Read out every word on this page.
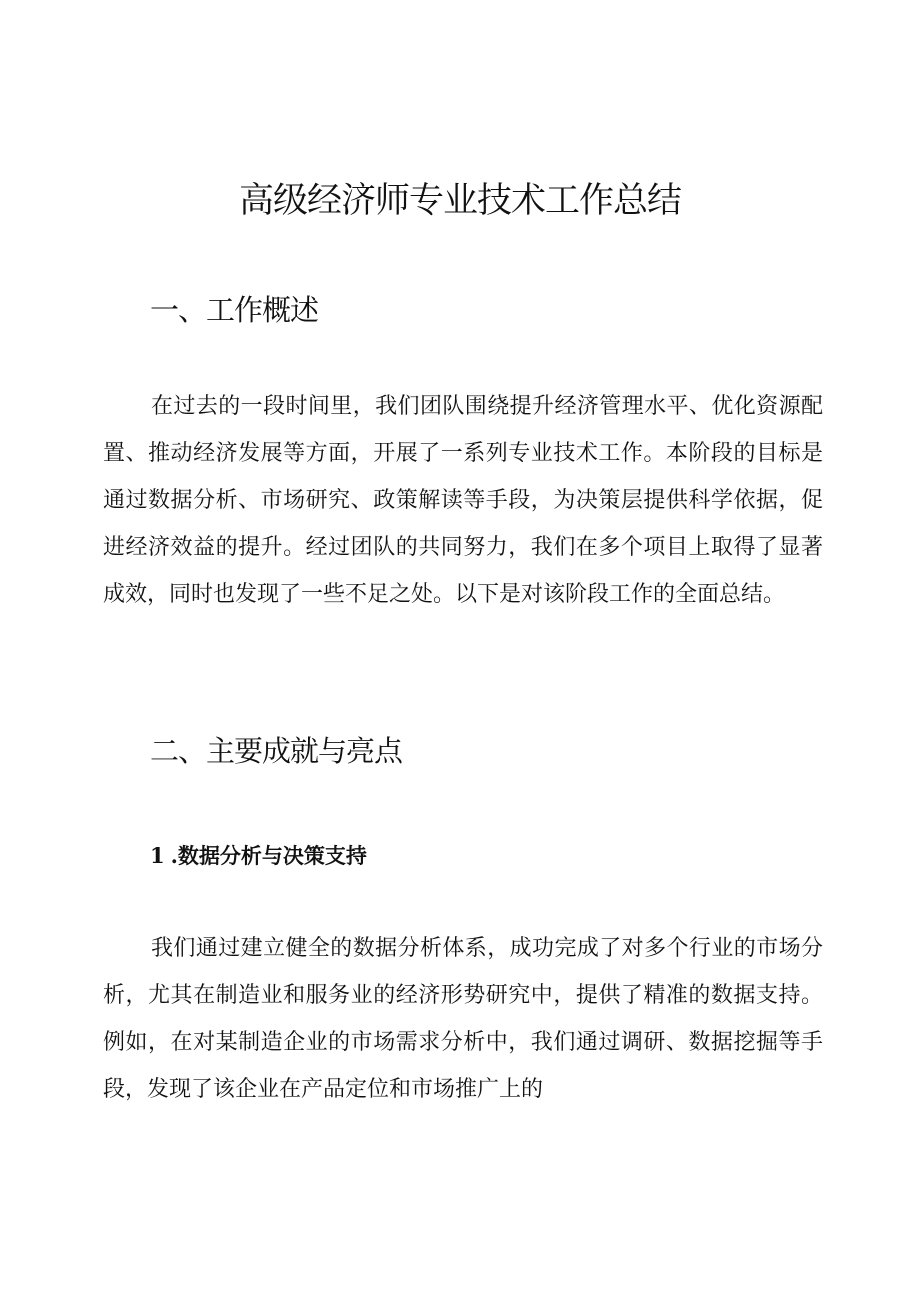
高级经济师专业技术工作总结
一、工作概述

在过去的一段时间里，我们团队围绕提升经济管理水平、优化资源配置、推动经济发展等方面，开展了一系列专业技术工作。本阶段的目标是通过数据分析、市场研究、政策解读等手段，为决策层提供科学依据，促进经济效益的提升。经过团队的共同努力，我们在多个项目上取得了显著成效，同时也发现了一些不足之处。以下是对该阶段工作的全面总结。

二、主要成就与亮点
1 .数据分析与决策支持

我们通过建立健全的数据分析体系，成功完成了对多个行业的市场分析，尤其在制造业和服务业的经济形势研究中，提供了精准的数据支持。例如，在对某制造企业的市场需求分析中，我们通过调研、数据挖掘等手段，发现了该企业在产品定位和市场推广上的
